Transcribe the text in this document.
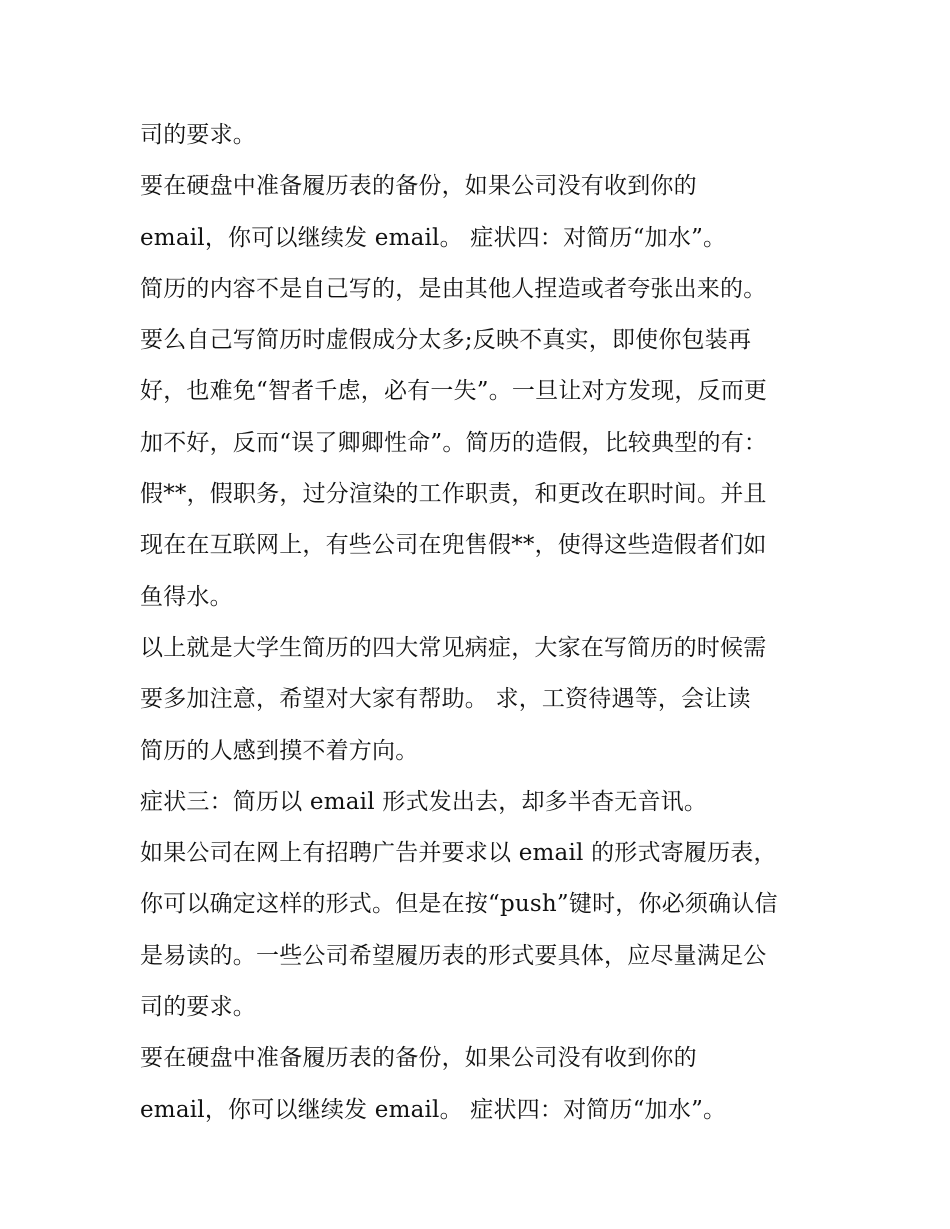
司的要求。
要在硬盘中准备履历表的备份，如果公司没有收到你的
email，你可以继续发 email。 症状四：对简历“加水”。
简历的内容不是自己写的，是由其他人捏造或者夸张出来的。
要么自己写简历时虚假成分太多;反映不真实，即使你包装再
好，也难免“智者千虑，必有一失”。一旦让对方发现，反而更
加不好，反而“误了卿卿性命”。简历的造假，比较典型的有：
假**，假职务，过分渲染的工作职责，和更改在职时间。并且
现在在互联网上，有些公司在兜售假**，使得这些造假者们如
鱼得水。
以上就是大学生简历的四大常见病症，大家在写简历的时候需
要多加注意，希望对大家有帮助。 求，工资待遇等，会让读
简历的人感到摸不着方向。
症状三：简历以 email 形式发出去，却多半杳无音讯。
如果公司在网上有招聘广告并要求以 email 的形式寄履历表，
你可以确定这样的形式。但是在按“push”键时，你必须确认信
是易读的。一些公司希望履历表的形式要具体，应尽量满足公
司的要求。
要在硬盘中准备履历表的备份，如果公司没有收到你的
email，你可以继续发 email。 症状四：对简历“加水”。
